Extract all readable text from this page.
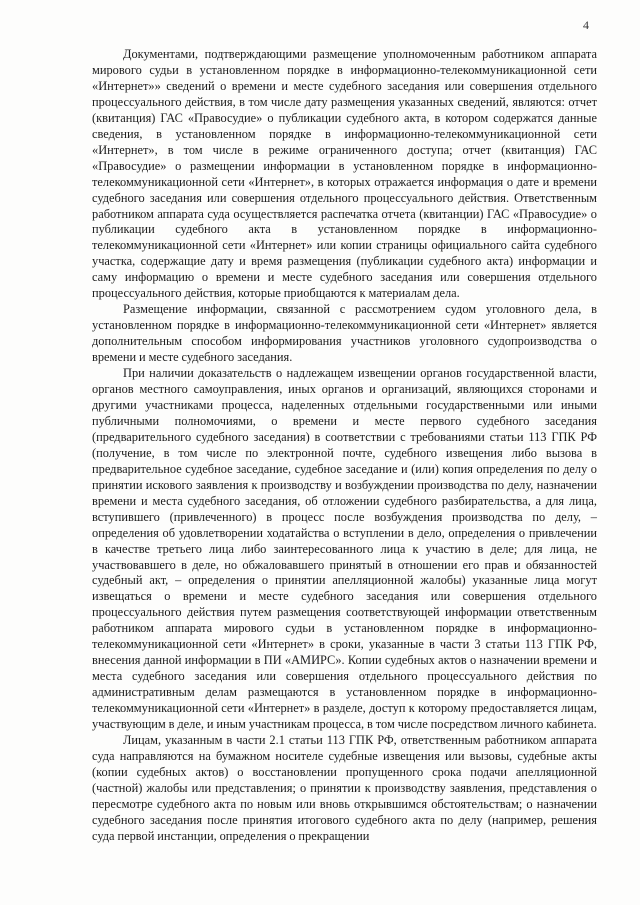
4

Документами, подтверждающими размещение уполномоченным работником аппарата мирового судьи в установленном порядке в информационно-телекоммуникационной сети «Интернет»» сведений о времени и месте судебного заседания или совершения отдельного процессуального действия, в том числе дату размещения указанных сведений, являются: отчет (квитанция) ГАС «Правосудие» о публикации судебного акта, в котором содержатся данные сведения, в установленном порядке в информационно-телекоммуникационной сети «Интернет», в том числе в режиме ограниченного доступа; отчет (квитанция) ГАС «Правосудие» о размещении информации в установленном порядке в информационно-телекоммуникационной сети «Интернет», в которых отражается информация о дате и времени судебного заседания или совершения отдельного процессуального действия. Ответственным работником аппарата суда осуществляется распечатка отчета (квитанции) ГАС «Правосудие» о публикации судебного акта в установленном порядке в информационно-телекоммуникационной сети «Интернет» или копии страницы официального сайта судебного участка, содержащие дату и время размещения (публикации судебного акта) информации и саму информацию о времени и месте судебного заседания или совершения отдельного процессуального действия, которые приобщаются к материалам дела.

Размещение информации, связанной с рассмотрением судом уголовного дела, в установленном порядке в информационно-телекоммуникационной сети «Интернет» является дополнительным способом информирования участников уголовного судопроизводства о времени и месте судебного заседания.

При наличии доказательств о надлежащем извещении органов государственной власти, органов местного самоуправления, иных органов и организаций, являющихся сторонами и другими участниками процесса, наделенных отдельными государственными или иными публичными полномочиями, о времени и месте первого судебного заседания (предварительного судебного заседания) в соответствии с требованиями статьи 113 ГПК РФ (получение, в том числе по электронной почте, судебного извещения либо вызова в предварительное судебное заседание, судебное заседание и (или) копия определения по делу о принятии искового заявления к производству и возбуждении производства по делу, назначении времени и места судебного заседания, об отложении судебного разбирательства, а для лица, вступившего (привлеченного) в процесс после возбуждения производства по делу, – определения об удовлетворении ходатайства о вступлении в дело, определения о привлечении в качестве третьего лица либо заинтересованного лица к участию в деле; для лица, не участвовавшего в деле, но обжаловавшего принятый в отношении его прав и обязанностей судебный акт, – определения о принятии апелляционной жалобы) указанные лица могут извещаться о времени и месте судебного заседания или совершения отдельного процессуального действия путем размещения соответствующей информации ответственным работником аппарата мирового судьи в установленном порядке в информационно-телекоммуникационной сети «Интернет» в сроки, указанные в части 3 статьи 113 ГПК РФ, внесения данной информации в ПИ «АМИРС». Копии судебных актов о назначении времени и места судебного заседания или совершения отдельного процессуального действия по административным делам размещаются в установленном порядке в информационно-телекоммуникационной сети «Интернет» в разделе, доступ к которому предоставляется лицам, участвующим в деле, и иным участникам процесса, в том числе посредством личного кабинета.

Лицам, указанным в части 2.1 статьи 113 ГПК РФ, ответственным работником аппарата суда направляются на бумажном носителе судебные извещения или вызовы, судебные акты (копии судебных актов) о восстановлении пропущенного срока подачи апелляционной (частной) жалобы или представления; о принятии к производству заявления, представления о пересмотре судебного акта по новым или вновь открывшимся обстоятельствам; о назначении судебного заседания после принятия итогового судебного акта по делу (например, решения суда первой инстанции, определения о прекращении
